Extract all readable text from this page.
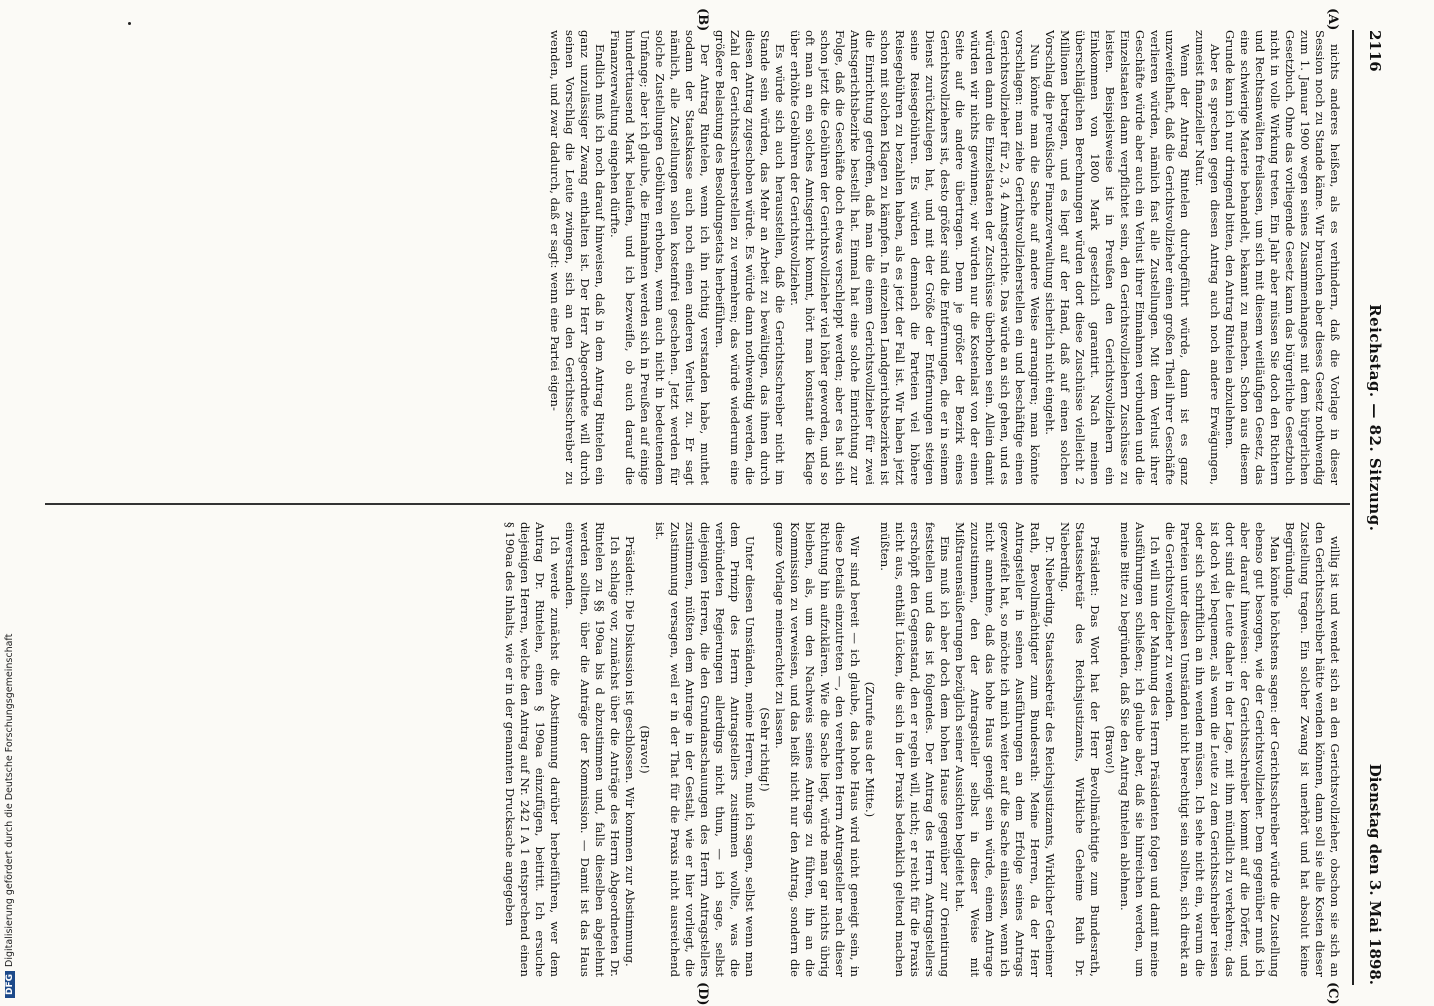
2116
Reichstag. — 82. Sitzung.
Dienstag den 3. Mai 1898.
(A)
(B)
(C)
(D)

nichts anderes heißen, als es verhindern, daß die Vorlage in dieser Session noch zu Stande käme. Wir brauchen aber dieses Gesetz nothwendig zum 1. Januar 1900 wegen seines Zusammenhanges mit dem bürgerlichen Gesetzbuch. Ohne das vorliegende Gesetz kann das bürgerliche Gesetzbuch nicht in volle Wirkung treten. Ein Jahr aber müssen Sie doch den Richtern und Rechtsanwälten freilassen, um sich mit diesem weitläufigen Gesetz, das eine schwierige Materie behandelt, bekannt zu machen. Schon aus diesem Grunde kann ich nur dringend bitten, den Antrag Rintelen abzulehnen.

Aber es sprechen gegen diesen Antrag auch noch andere Erwägungen, zumeist finanzieller Natur.

Wenn der Antrag Rintelen durchgeführt würde, dann ist es ganz unzweifelhaft, daß die Gerichtsvollzieher einen großen Theil ihrer Geschäfte verlieren würden, nämlich fast alle Zustellungen. Mit dem Verlust ihrer Geschäfte würde aber auch ein Verlust ihrer Einnahmen verbunden und die Einzelstaaten dann verpflichtet sein, den Gerichtsvollziehern Zuschüsse zu leisten. Beispielsweise ist in Preußen den Gerichtsvollziehern ein Einkommen von 1800 Mark gesetzlich garantirt. Nach meinen überschläglichen Berechnungen würden dort diese Zuschüsse vielleicht 2 Millionen betragen, und es liegt auf der Hand, daß auf einen solchen Vorschlag die preußische Finanzverwaltung sicherlich nicht eingeht.

Nun könnte man die Sache auf andere Weise arrangiren; man könnte vorschlagen: man ziehe Gerichtsvollzieherstellen ein und beschäftige einen Gerichtsvollzieher für 2, 3, 4 Amtsgerichte. Das würde an sich gehen, und es würden dann die Einzelstaaten der Zuschüsse überhoben sein. Allein damit würden wir nichts gewinnen; wir würden nur die Kostenlast von der einen Seite auf die andere übertragen. Denn je größer der Bezirk eines Gerichtsvollziehers ist, desto größer sind die Entfernungen, die er in seinem Dienst zurückzulegen hat, und mit der Größe der Entfernungen steigen seine Reisegebühren. Es würden demnach die Parteien viel höhere Reisegebühren zu bezahlen haben, als es jetzt der Fall ist. Wir haben jetzt schon mit solchen Klagen zu kämpfen. In einzelnen Landgerichtsbezirken ist die Einrichtung getroffen, daß man die einem Gerichtsvollzieher für zwei Amtsgerichtsbezirke bestellt hat. Einmal hat eine solche Einrichtung zur Folge, daß die Geschäfte doch etwas verschleppt werden; aber es hat sich schon jetzt die Gebühren der Gerichtsvollzieher viel höher geworden, und so oft man an ein solches Amtsgericht kommt, hört man konstant die Klage über erhöhte Gebühren der Gerichtsvollzieher.

Es würde sich auch herausstellen, daß die Gerichtsschreiber nicht im Stande sein würden, das Mehr an Arbeit zu bewältigen, das ihnen durch diesen Antrag zugeschoben würde. Es würde dann nothwendig werden, die Zahl der Gerichtsschreiberstellen zu vermehren; das würde wiederum eine größere Belastung des Besoldungsetats herbeiführen.

Der Antrag Rintelen, wenn ich ihn richtig verstanden habe, muthet sodann der Staatskasse auch noch einen anderen Verlust zu. Er sagt nämlich, alle Zustellungen sollen kostenfrei geschehen. Jetzt werden für solche Zustellungen Gebühren erhoben, wenn auch nicht in bedeutendem Umfange; aber ich glaube, die Einnahmen werden sich in Preußen auf einige hunderttausend Mark belaufen, und ich bezweifle, ob auch darauf die Finanzverwaltung eingehen dürfte.

Endlich muß ich noch darauf hinweisen, daß in dem Antrag Rintelen ein ganz unzulässiger Zwang enthalten ist. Der Herr Abgeordnete will durch seinen Vorschlag die Leute zwingen, sich an den Gerichtsschreiber zu wenden, und zwar dadurch, daß er sagt: wenn eine Partei eigen-

willig ist und wendet sich an den Gerichtsvollzieher, obschon sie sich an den Gerichtsschreiber hätte wenden können, dann soll sie alle Kosten dieser Zustellung tragen. Ein solcher Zwang ist unerhört und hat absolut keine Begründung.

Man könnte höchstens sagen: der Gerichtsschreiber würde die Zustellung ebenso gut besorgen, wie der Gerichtsvollzieher. Dem gegenüber muß ich aber darauf hinweisen: der Gerichtsschreiber kommt auf die Dörfer, und dort sind die Leute daher in der Lage, mit ihm mündlich zu verkehren; das ist doch viel bequemer, als wenn die Leute zu dem Gerichtsschreiber reisen oder sich schriftlich an ihn wenden müssen. Ich sehe nicht ein, warum die Parteien unter diesen Umständen nicht berechtigt sein sollten, sich direkt an die Gerichtsvollzieher zu wenden.

Ich will nun der Mahnung des Herrn Präsidenten folgen und damit meine Ausführungen schließen; ich glaube aber, daß sie hinreichen werden, um meine Bitte zu begründen, daß Sie den Antrag Rintelen ablehnen.

(Bravo!)

Präsident: Das Wort hat der Herr Bevollmächtigte zum Bundesrath, Staatssekretär des Reichsjustizamts, Wirkliche Geheime Rath Dr. Nieberding.

Dr. Nieberding, Staatssekretär des Reichsjustizamts, Wirklicher Geheimer Rath, Bevollmächtigter zum Bundesrath: Meine Herren, da der Herr Antragsteller in seinen Ausführungen an dem Erfolge seines Antrags gezweifelt hat, so möchte ich mich weiter auf die Sache einlassen, wenn ich nicht annehme, daß das hohe Haus geneigt sein würde, einem Antrage zuzustimmen, den der Antragsteller selbst in dieser Weise mit Mißtrauensäußerungen bezüglich seiner Aussichten begleitet hat.

Eins muß ich aber doch dem hohen Hause gegenüber zur Orientirung feststellen und das ist folgendes. Der Antrag des Herrn Antragstellers erschöpft den Gegenstand, den er regeln will, nicht; er reicht für die Praxis nicht aus, enthält Lücken, die sich in der Praxis bedenklich geltend machen müßten.

(Zurufe aus der Mitte.)

Wir sind bereit — ich glaube, das hohe Haus wird nicht geneigt sein, in diese Details einzutreten —, den verehrten Herrn Antragsteller nach dieser Richtung hin aufzuklären. Wie die Sache liegt, würde man gar nichts übrig bleiben, als, um den Nachweis seines Antrags zu führen, ihn an die Kommission zu verweisen, und das heißt nicht nur den Antrag, sondern die ganze Vorlage meinerachtet zu lassen.

(Sehr richtig!)

Unter diesen Umständen, meine Herren, muß ich sagen, selbst wenn man dem Prinzip des Herrn Antragstellers zustimmen wollte, was die verbündeten Regierungen allerdings nicht thun, — ich sage, selbst diejenigen Herren, die den Grundanschauungen des Herrn Antragstellers zustimmen, müßten dem Antrage in der Gestalt, wie er hier vorliegt, die Zustimmung versagen, weil er in der That für die Praxis nicht ausreichend ist.

(Bravo!)

Präsident: Die Diskussion ist geschlossen. Wir kommen zur Abstimmung.

Ich schlage vor, zunächst über die Anträge des Herrn Abgeordneten Dr. Rintelen zu §§ 190aa bis d abzustimmen und, falls dieselben abgelehnt werden sollten, über die Anträge der Kommission. — Damit ist das Haus einverstanden.

Ich werde zunächst die Abstimmung darüber herbeiführen, wer dem Antrag Dr. Rintelen, einen § 190aa einzufügen, beitritt. Ich ersuche diejenigen Herren, welche den Antrag auf Nr. 242 I A 1 entsprechend einen § 190aa des Inhalts, wie er in der genannten Drucksache angegeben

DFGDigitalisierung gefördert durch die Deutsche Forschungsgemeinschaft
